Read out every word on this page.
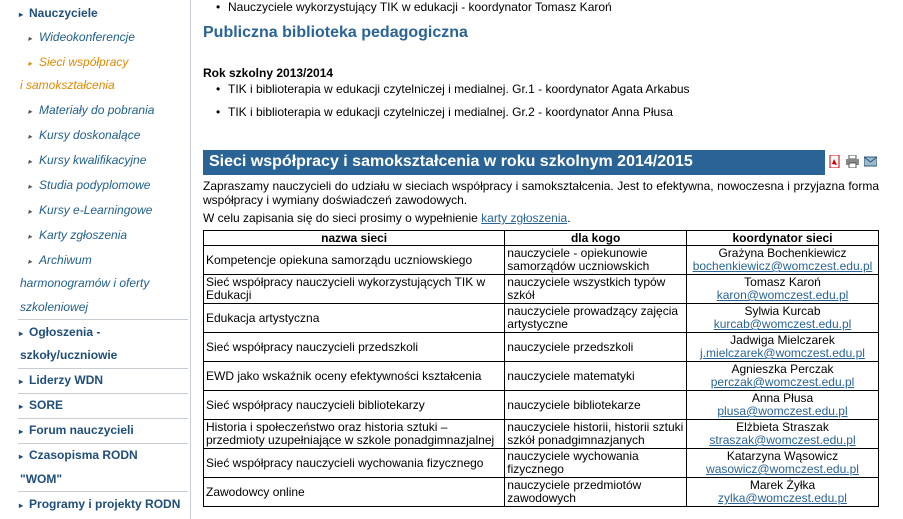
▸ Nauczyciele
▸ Wideokonferencje
▸ Sieci współpracy
i samokształcenia
▸ Materiały do pobrania
▸ Kursy doskonalące
▸ Kursy kwalifikacyjne
▸ Studia podyplomowe
▸ Kursy e-Learningowe
▸ Karty zgłoszenia
▸ Archiwum
harmonogramów i oferty
szkoleniowej
▸ Ogłoszenia -
szkoły/uczniowie
▸ Liderzy WDN
▸ SORE
▸ Forum nauczycieli
▸ Czasopisma RODN
"WOM"
▸ Programy i projekty RODN
• Nauczyciele wykorzystujący TIK w edukacji - koordynator Tomasz Karoń
Publiczna biblioteka pedagogiczna
Rok szkolny 2013/2014
• TIK i biblioterapia w edukacji czytelniczej i medialnej. Gr.1 - koordynator Agata Arkabus
• TIK i biblioterapia w edukacji czytelniczej i medialnej. Gr.2 - koordynator Anna Płusa
Sieci współpracy i samokształcenia w roku szkolnym 2014/2015
Zapraszamy nauczycieli do udziału w sieciach współpracy i samokształcenia. Jest to efektywna, nowoczesna i przyjazna forma współpracy i wymiany doświadczeń zawodowych.
W celu zapisania się do sieci prosimy o wypełnienie karty zgłoszenia.
nazwa sieci	dla kogo	koordynator sieci
Kompetencje opiekuna samorządu uczniowskiego	nauczyciele - opiekunowie samorządów uczniowskich	Grażyna Bochenkiewicz
bochenkiewicz@womczest.edu.pl

Sieć współpracy nauczycieli wykorzystujących TIK w Edukacji	nauczyciele wszystkich typów szkół	Tomasz Karoń
karon@womczest.edu.pl

Edukacja artystyczna	nauczyciele prowadzący zajęcia artystyczne	Sylwia Kurcab
kurcab@womczest.edu.pl

Sieć współpracy nauczycieli przedszkoli	nauczyciele przedszkoli	Jadwiga Mielczarek
j.mielczarek@womczest.edu.pl

EWD jako wskaźnik oceny efektywności kształcenia	nauczyciele matematyki	Agnieszka Perczak
perczak@womczest.edu.pl

Sieć współpracy nauczycieli bibliotekarzy	nauczyciele bibliotekarze	Anna Płusa
plusa@womczest.edu.pl

Historia i społeczeństwo oraz historia sztuki – przedmioty uzupełniające w szkole ponadgimnazjalnej	nauczyciele historii, historii sztuki szkół ponadgimnazjanych	Elżbieta Straszak
straszak@womczest.edu.pl

Sieć współpracy nauczycieli wychowania fizycznego	nauczyciele wychowania fizycznego	Katarzyna Wąsowicz
wasowicz@womczest.edu.pl

Zawodowcy online	nauczyciele przedmiotów zawodowych	Marek Żyłka
zylka@womczest.edu.pl
